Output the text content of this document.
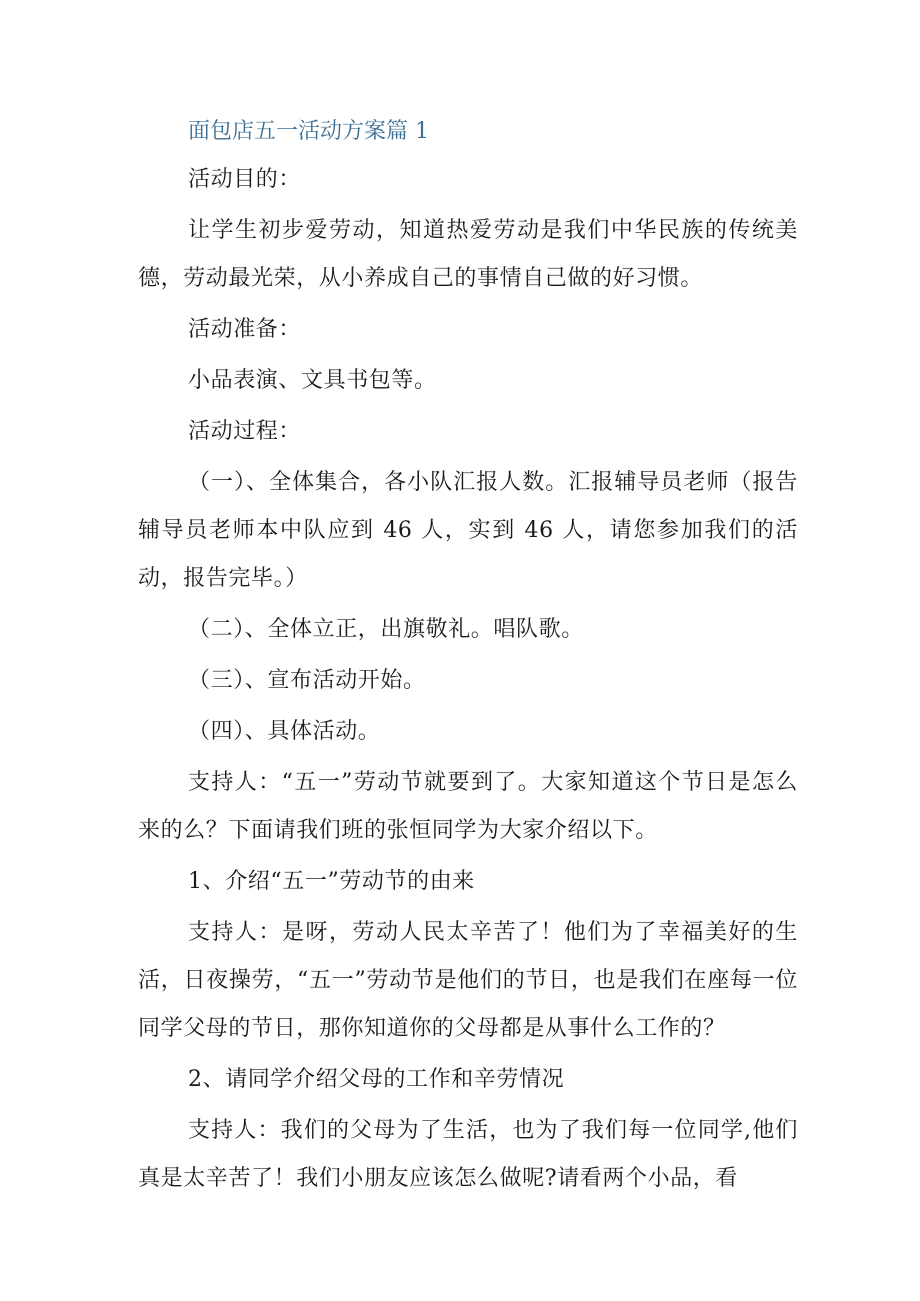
面包店五一活动方案篇 1

活动目的：

让学生初步爱劳动，知道热爱劳动是我们中华民族的传统美德，劳动最光荣，从小养成自己的事情自己做的好习惯。

活动准备：

小品表演、文具书包等。

活动过程：

（一）、全体集合，各小队汇报人数。汇报辅导员老师（报告辅导员老师本中队应到 46 人，实到 46 人，请您参加我们的活动，报告完毕。）

（二）、全体立正，出旗敬礼。唱队歌。

（三）、宣布活动开始。

（四）、具体活动。

支持人：“五一”劳动节就要到了。大家知道这个节日是怎么来的么？下面请我们班的张恒同学为大家介绍以下。

1、介绍“五一”劳动节的由来

支持人：是呀，劳动人民太辛苦了！他们为了幸福美好的生活，日夜操劳，“五一”劳动节是他们的节日，也是我们在座每一位同学父母的节日，那你知道你的父母都是从事什么工作的？

2、请同学介绍父母的工作和辛劳情况

支持人：我们的父母为了生活，也为了我们每一位同学,他们真是太辛苦了！我们小朋友应该怎么做呢?请看两个小品，看
